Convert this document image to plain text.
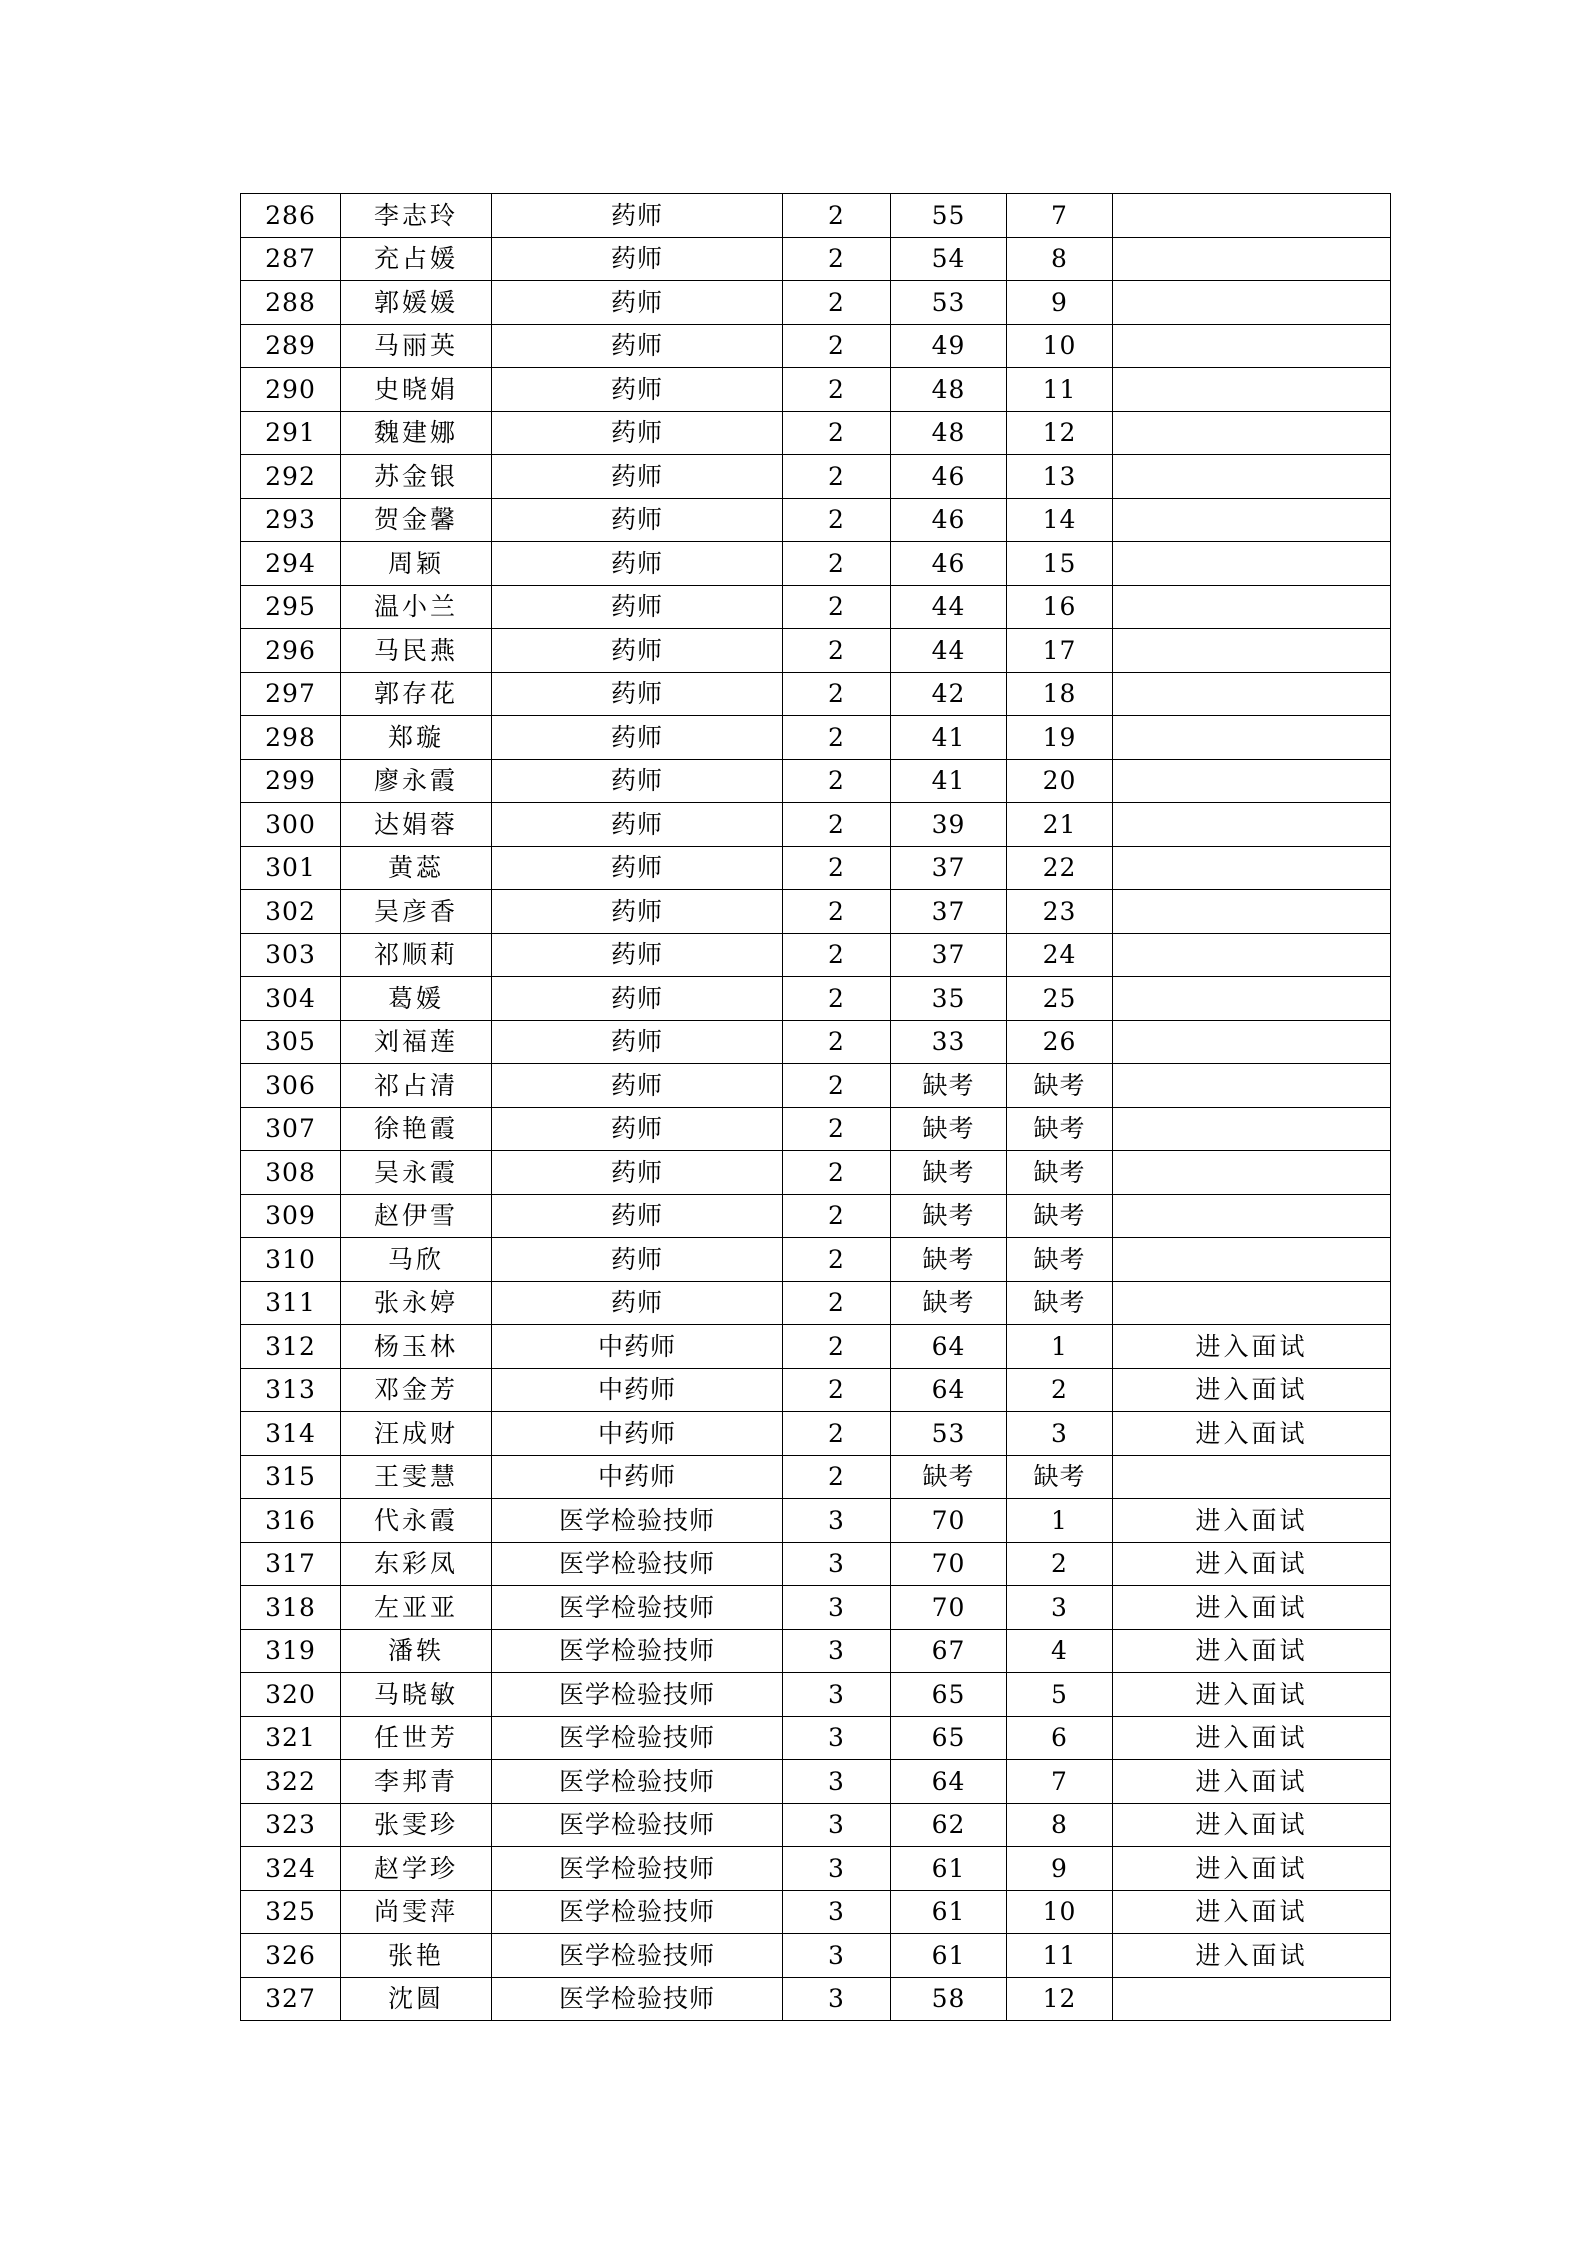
286	李志玲	药师	2	55	7	
287	充占媛	药师	2	54	8	
288	郭媛媛	药师	2	53	9	
289	马丽英	药师	2	49	10	
290	史晓娟	药师	2	48	11	
291	魏建娜	药师	2	48	12	
292	苏金银	药师	2	46	13	
293	贺金馨	药师	2	46	14	
294	周颖	药师	2	46	15	
295	温小兰	药师	2	44	16	
296	马民燕	药师	2	44	17	
297	郭存花	药师	2	42	18	
298	郑璇	药师	2	41	19	
299	廖永霞	药师	2	41	20	
300	达娟蓉	药师	2	39	21	
301	黄蕊	药师	2	37	22	
302	吴彦香	药师	2	37	23	
303	祁顺莉	药师	2	37	24	
304	葛媛	药师	2	35	25	
305	刘福莲	药师	2	33	26	
306	祁占清	药师	2	缺考	缺考	
307	徐艳霞	药师	2	缺考	缺考	
308	吴永霞	药师	2	缺考	缺考	
309	赵伊雪	药师	2	缺考	缺考	
310	马欣	药师	2	缺考	缺考	
311	张永婷	药师	2	缺考	缺考	
312	杨玉林	中药师	2	64	1	进入面试
313	邓金芳	中药师	2	64	2	进入面试
314	汪成财	中药师	2	53	3	进入面试
315	王雯慧	中药师	2	缺考	缺考	
316	代永霞	医学检验技师	3	70	1	进入面试
317	东彩凤	医学检验技师	3	70	2	进入面试
318	左亚亚	医学检验技师	3	70	3	进入面试
319	潘轶	医学检验技师	3	67	4	进入面试
320	马晓敏	医学检验技师	3	65	5	进入面试
321	任世芳	医学检验技师	3	65	6	进入面试
322	李邦青	医学检验技师	3	64	7	进入面试
323	张雯珍	医学检验技师	3	62	8	进入面试
324	赵学珍	医学检验技师	3	61	9	进入面试
325	尚雯萍	医学检验技师	3	61	10	进入面试
326	张艳	医学检验技师	3	61	11	进入面试
327	沈圆	医学检验技师	3	58	12	
